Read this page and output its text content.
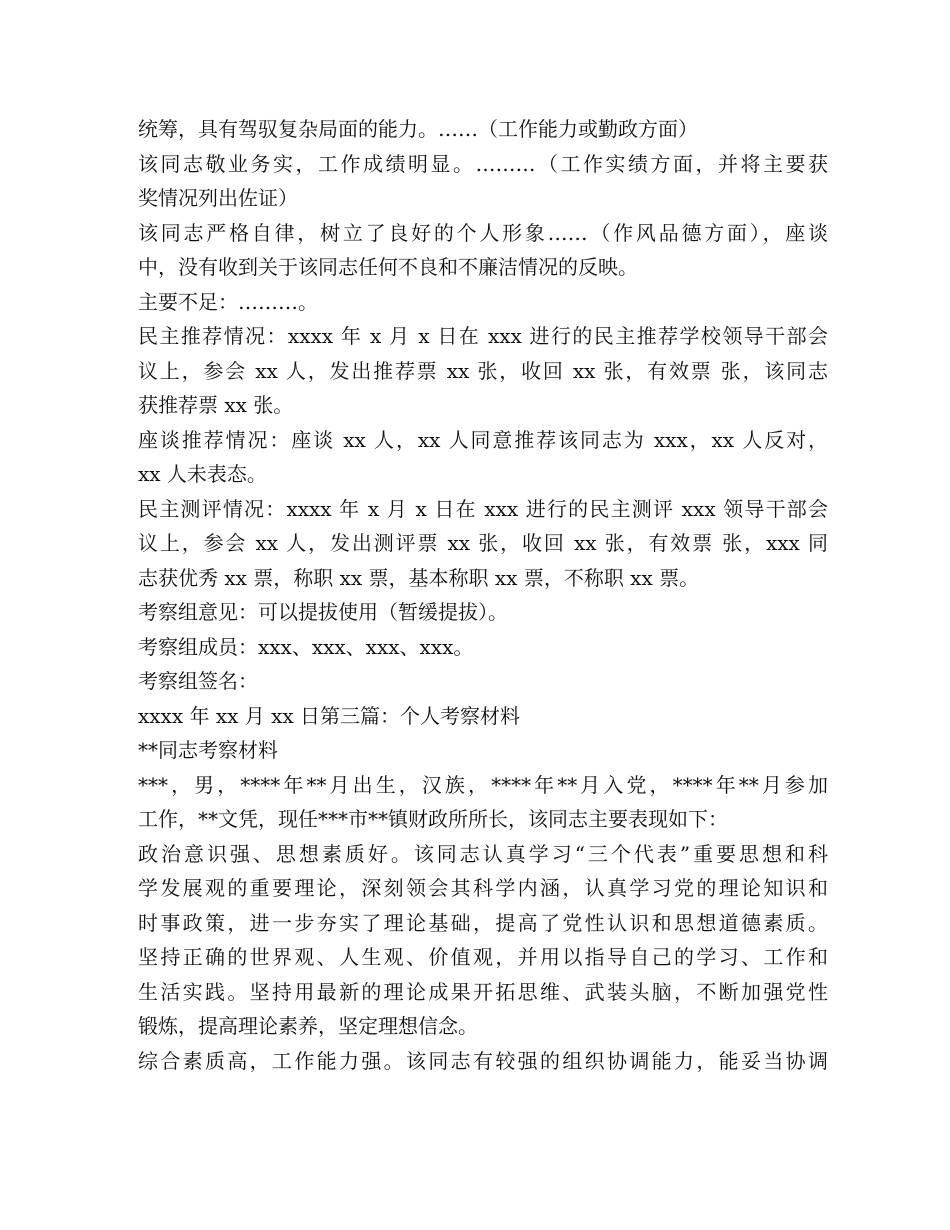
统筹，具有驾驭复杂局面的能力。……（工作能力或勤政方面）
该同志敬业务实，工作成绩明显。………（工作实绩方面，并将主要获
奖情况列出佐证）
该同志严格自律，树立了良好的个人形象……（作风品德方面），座谈
中，没有收到关于该同志任何不良和不廉洁情况的反映。
主要不足：………。
民主推荐情况：xxxx 年 x 月 x 日在 xxx 进行的民主推荐学校领导干部会
议上，参会 xx 人，发出推荐票 xx 张，收回 xx 张，有效票 张，该同志
获推荐票 xx 张。
座谈推荐情况：座谈 xx 人，xx 人同意推荐该同志为 xxx，xx 人反对，
xx 人未表态。
民主测评情况：xxxx 年 x 月 x 日在 xxx 进行的民主测评 xxx 领导干部会
议上，参会 xx 人，发出测评票 xx 张，收回 xx 张，有效票 张，xxx 同
志获优秀 xx 票，称职 xx 票，基本称职 xx 票，不称职 xx 票。
考察组意见：可以提拔使用（暂缓提拔）。
考察组成员：xxx、xxx、xxx、xxx。
考察组签名：
xxxx 年 xx 月 xx 日第三篇：个人考察材料
**同志考察材料
***，男，****年**月出生，汉族，****年**月入党，****年**月参加
工作，**文凭，现任***市**镇财政所所长，该同志主要表现如下：
政治意识强、思想素质好。该同志认真学习“三个代表”重要思想和科
学发展观的重要理论，深刻领会其科学内涵，认真学习党的理论知识和
时事政策，进一步夯实了理论基础，提高了党性认识和思想道德素质。
坚持正确的世界观、人生观、价值观，并用以指导自己的学习、工作和
生活实践。坚持用最新的理论成果开拓思维、武装头脑，不断加强党性
锻炼，提高理论素养，坚定理想信念。
综合素质高，工作能力强。该同志有较强的组织协调能力，能妥当协调
